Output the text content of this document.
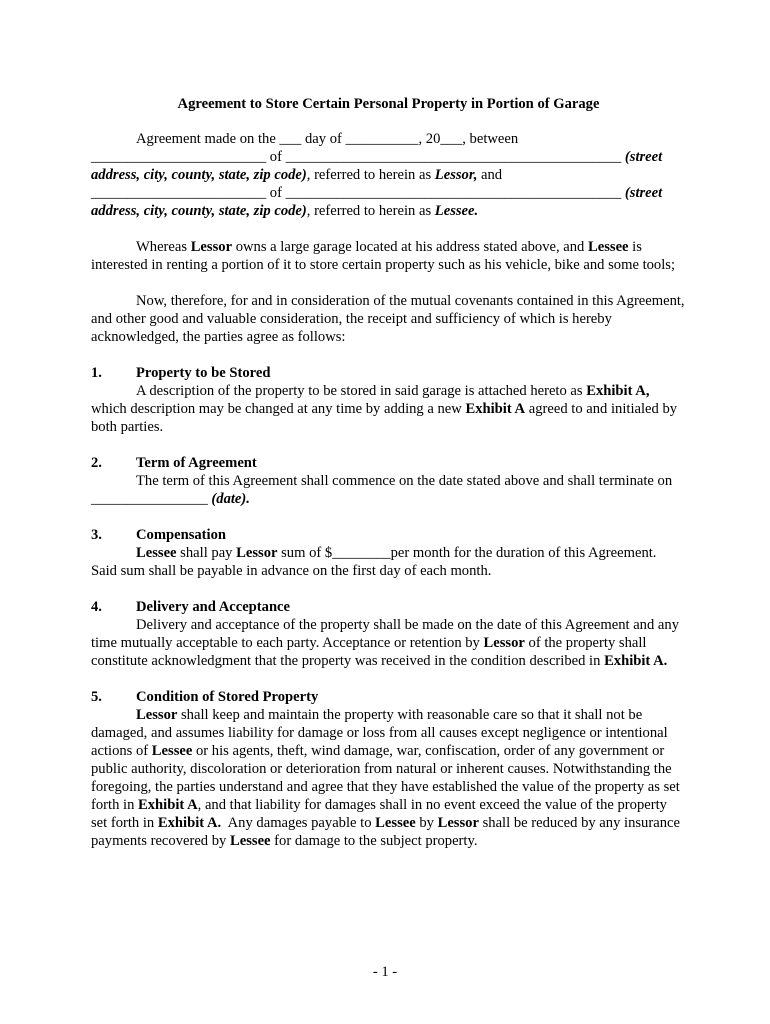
Agreement to Store Certain Personal Property in Portion of Garage

Agreement made on the ___ day of __________, 20___, between

________________________ of ______________________________________________ (street

address, city, county, state, zip code), referred to herein as Lessor, and

________________________ of ______________________________________________ (street

address, city, county, state, zip code), referred to herein as Lessee.

Whereas Lessor owns a large garage located at his address stated above, and Lessee is interested in renting a portion of it to store certain property such as his vehicle, bike and some tools;

Now, therefore, for and in consideration of the mutual covenants contained in this Agreement, and other good and valuable consideration, the receipt and sufficiency of which is hereby acknowledged, the parties agree as follows:

1. Property to be Stored

A description of the property to be stored in said garage is attached hereto as Exhibit A, which description may be changed at any time by adding a new Exhibit A agreed to and initialed by both parties.

2. Term of Agreement

The term of this Agreement shall commence on the date stated above and shall terminate on ________________ (date).

3. Compensation

Lessee shall pay Lessor sum of $________per month for the duration of this Agreement. Said sum shall be payable in advance on the first day of each month.

4. Delivery and Acceptance

Delivery and acceptance of the property shall be made on the date of this Agreement and any time mutually acceptable to each party. Acceptance or retention by Lessor of the property shall constitute acknowledgment that the property was received in the condition described in Exhibit A.

5. Condition of Stored Property

Lessor shall keep and maintain the property with reasonable care so that it shall not be damaged, and assumes liability for damage or loss from all causes except negligence or intentional actions of Lessee or his agents, theft, wind damage, war, confiscation, order of any government or public authority, discoloration or deterioration from natural or inherent causes. Notwithstanding the foregoing, the parties understand and agree that they have established the value of the property as set forth in Exhibit A, and that liability for damages shall in no event exceed the value of the property set forth in Exhibit A.  Any damages payable to Lessee by Lessor shall be reduced by any insurance payments recovered by Lessee for damage to the subject property.

- 1 -
